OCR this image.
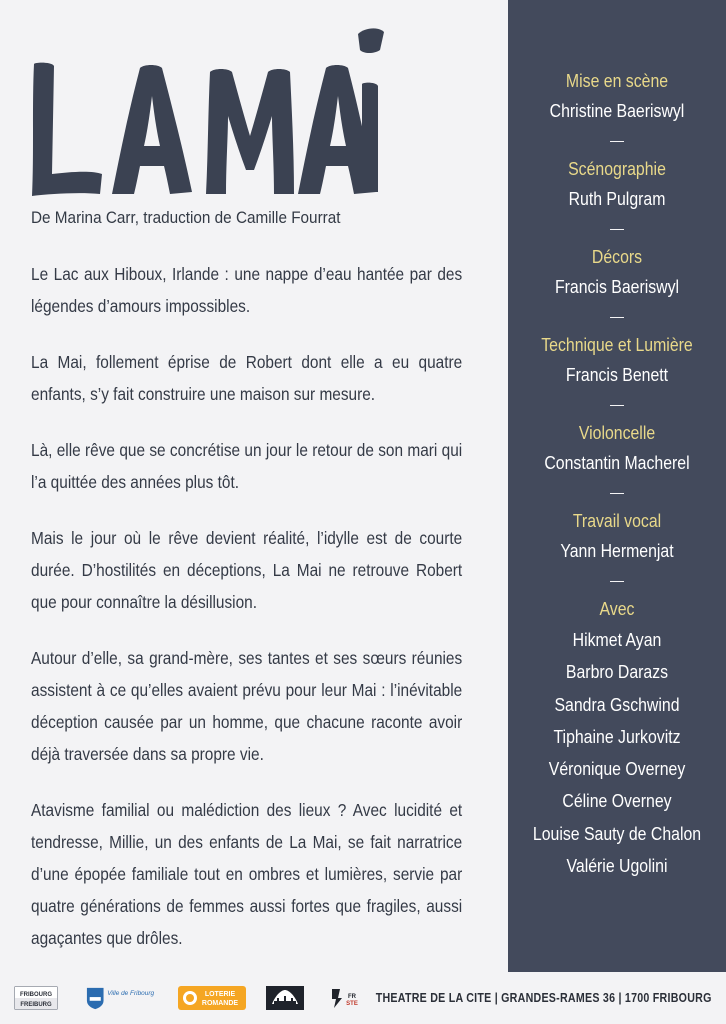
LA MAi
De Marina Carr, traduction de Camille Fourrat

Le Lac aux Hiboux, Irlande : une nappe d’eau hantée par des légendes d’amours impossibles.

La Mai, follement éprise de Robert dont elle a eu quatre enfants, s’y fait construire une maison sur mesure.

Là, elle rêve que se concrétise un jour le retour de son mari qui l’a quittée des années plus tôt.

Mais le jour où le rêve devient réalité, l’idylle est de courte durée. D’hostilités en déceptions, La Mai ne retrouve Robert que pour connaître la désillusion.

Autour d’elle, sa grand-mère, ses tantes et ses sœurs réunies assistent à ce qu’elles avaient prévu pour leur Mai : l’inévitable déception causée par un homme, que chacune raconte avoir déjà traversée dans sa propre vie.

Atavisme familial ou malédiction des lieux ? Avec lucidité et tendresse, Millie, un des enfants de La Mai, se fait narratrice d’une épopée familiale tout en ombres et lumières, servie par quatre générations de femmes aussi fortes que fragiles, aussi agaçantes que drôles.

Mise en scène
Christine Baeriswyl
—
Scénographie
Ruth Pulgram
—
Décors
Francis Baeriswyl
—
Technique et Lumière
Francis Benett
—
Violoncelle
Constantin Macherel
—
Travail vocal
Yann Hermenjat
—
Avec
Hikmet Ayan
Barbro Darazs
Sandra Gschwind
Tiphaine Jurkovitz
Véronique Overney
Céline Overney
Louise Sauty de Chalon
Valérie Ugolini
FRIBOURG
FREIBURG
Ville de Fribourg	LOTERIE
ROMANDE
FR
STE THEATRE DE LA CITE | GRANDES-RAMES 36 | 1700 FRIBOURG
